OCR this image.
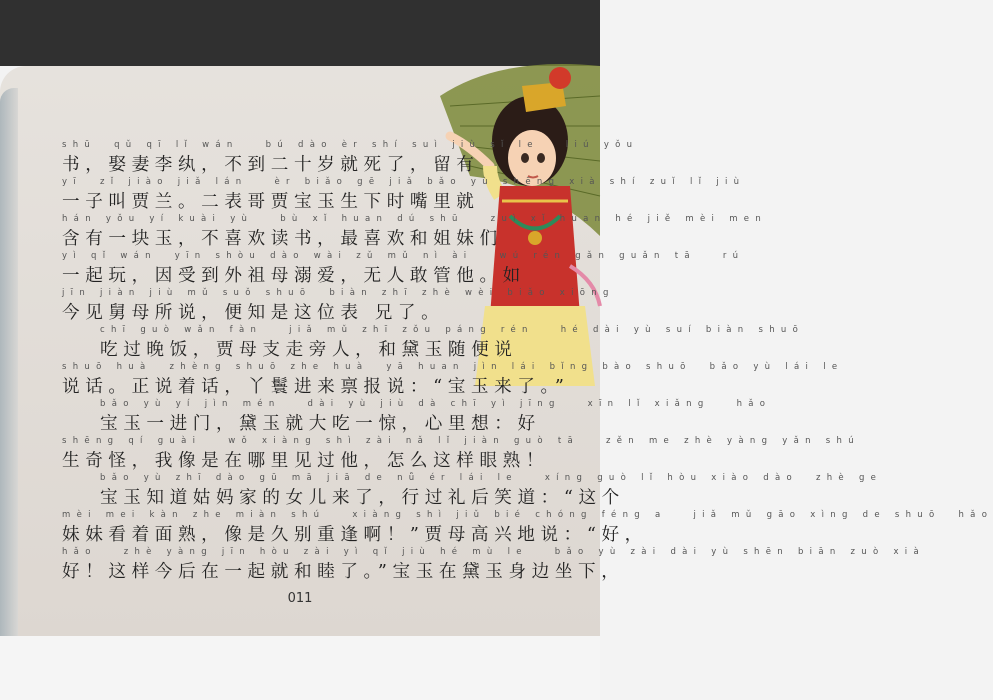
shū  qǔ qī lǐ wán   bú dào èr shí suì jiù sǐ le   liú yǒu
书，娶妻李纨，不到二十岁就死了，留有
yī  zǐ jiào jiǎ lán   èr biǎo gē jiǎ bǎo yù shēng xià shí zuǐ lǐ jiù
一子叫贾兰。二表哥贾宝玉生下时嘴里就
hán yǒu yí kuài yù   bù xǐ huan dú shū   zuì xǐ huan hé jiě mèi men
含有一块玉，不喜欢读书，最喜欢和姐妹们
yì qǐ wán  yīn shòu dào wài zǔ mǔ nì ài   wú rén gǎn guǎn tā   rú
一起玩，因受到外祖母溺爱，无人敢管他。如
jīn jiàn jiù mǔ suǒ shuō  biàn zhī zhè wèi biǎo xiōng
今见舅母所说，便知是这位表 兄了。
chī guò wǎn fàn   jiǎ mǔ zhī zǒu páng rén   hé dài yù suí biàn shuō
吃过晚饭，贾母支走旁人，和黛玉随便说
shuō huà  zhèng shuō zhe huà  yā huan jìn lái bǐng bào shuō  bǎo yù lái le
说话。正说着话，丫鬟进来禀报说：“宝玉来了。”
bǎo yù yí jìn mén   dài yù jiù dà chī yì jīng   xīn lǐ xiǎng   hǎo
宝玉一进门，黛玉就大吃一惊，心里想：好
shēng qí guài   wǒ xiàng shì zài nǎ lǐ jiàn guò tā   zěn me zhè yàng yǎn shú
生奇怪，我像是在哪里见过他，怎么这样眼熟！
bǎo yù zhī dào gū mā jiā de nǚ ér lái le   xíng guò lǐ hòu xiào dào  zhè ge
宝玉知道姑妈家的女儿来了，行过礼后笑道：“这个
mèi mei kàn zhe miàn shú   xiàng shì jiǔ bié chóng féng a   jiǎ mǔ gāo xìng de shuō  hǎo
妹妹看着面熟，像是久别重逢啊！”贾母高兴地说：“好，
hǎo   zhè yàng jīn hòu zài yì qǐ jiù hé mù le   bǎo yù zài dài yù shēn biān zuò xià
好！这样今后在一起就和睦了。”宝玉在黛玉身边坐下，
011
